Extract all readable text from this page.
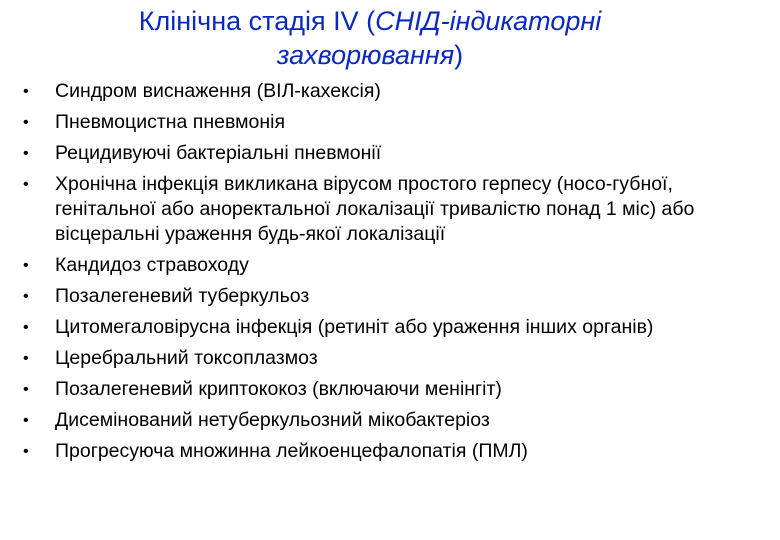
Клінічна стадія ІV (СНІД-індикаторні захворювання)
•	Синдром виснаження (ВІЛ-кахексія)
•	Пневмоцистна пневмонія
•	Рецидивуючі бактеріальні пневмонії
•	Хронічна інфекція викликана вірусом простого герпесу (носо-губної, генітальної або аноректальної локалізації тривалістю понад 1 міс) або вісцеральні ураження будь-якої локалізації
•	Кандидоз стравоходу
•	Позалегеневий туберкульоз
•	Цитомегаловірусна інфекція (ретиніт або ураження інших органів)
•	Церебральний токсоплазмоз
•	Позалегеневий криптококоз (включаючи менінгіт)
•	Дисемінований нетуберкульозний мікобактеріоз
•	Прогресуюча множинна лейкоенцефалопатія (ПМЛ)
